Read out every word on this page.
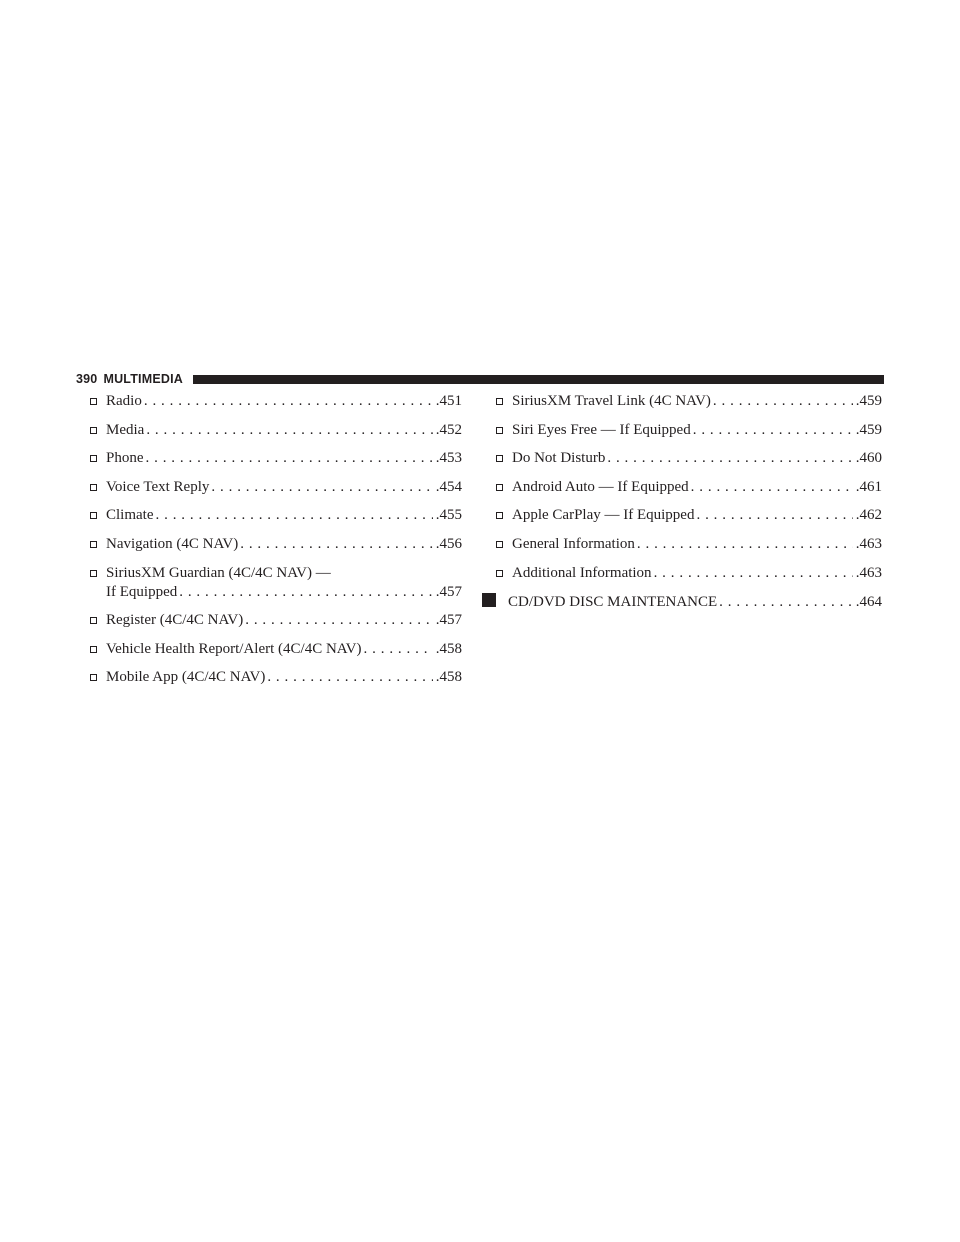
390 MULTIMEDIA
Radio . . .	.451
Media . . .	.452
Phone . . .	.453
Voice Text Reply . . .	.454
Climate . . .	.455
Navigation (4C NAV) . . .	.456
SiriusXM Guardian (4C/4C NAV) —
If Equipped . . .	.457
Register (4C/4C NAV) . . .	.457
Vehicle Health Report/Alert (4C/4C NAV) . . .	.458
Mobile App (4C/4C NAV) . . .	.458
SiriusXM Travel Link (4C NAV) . . .	.459
Siri Eyes Free — If Equipped . . .	.459
Do Not Disturb . . .	.460
Android Auto — If Equipped . . .	.461
Apple CarPlay — If Equipped . . .	.462
General Information . . .	.463
Additional Information . . .	.463
CD/DVD DISC MAINTENANCE . . .	.464
